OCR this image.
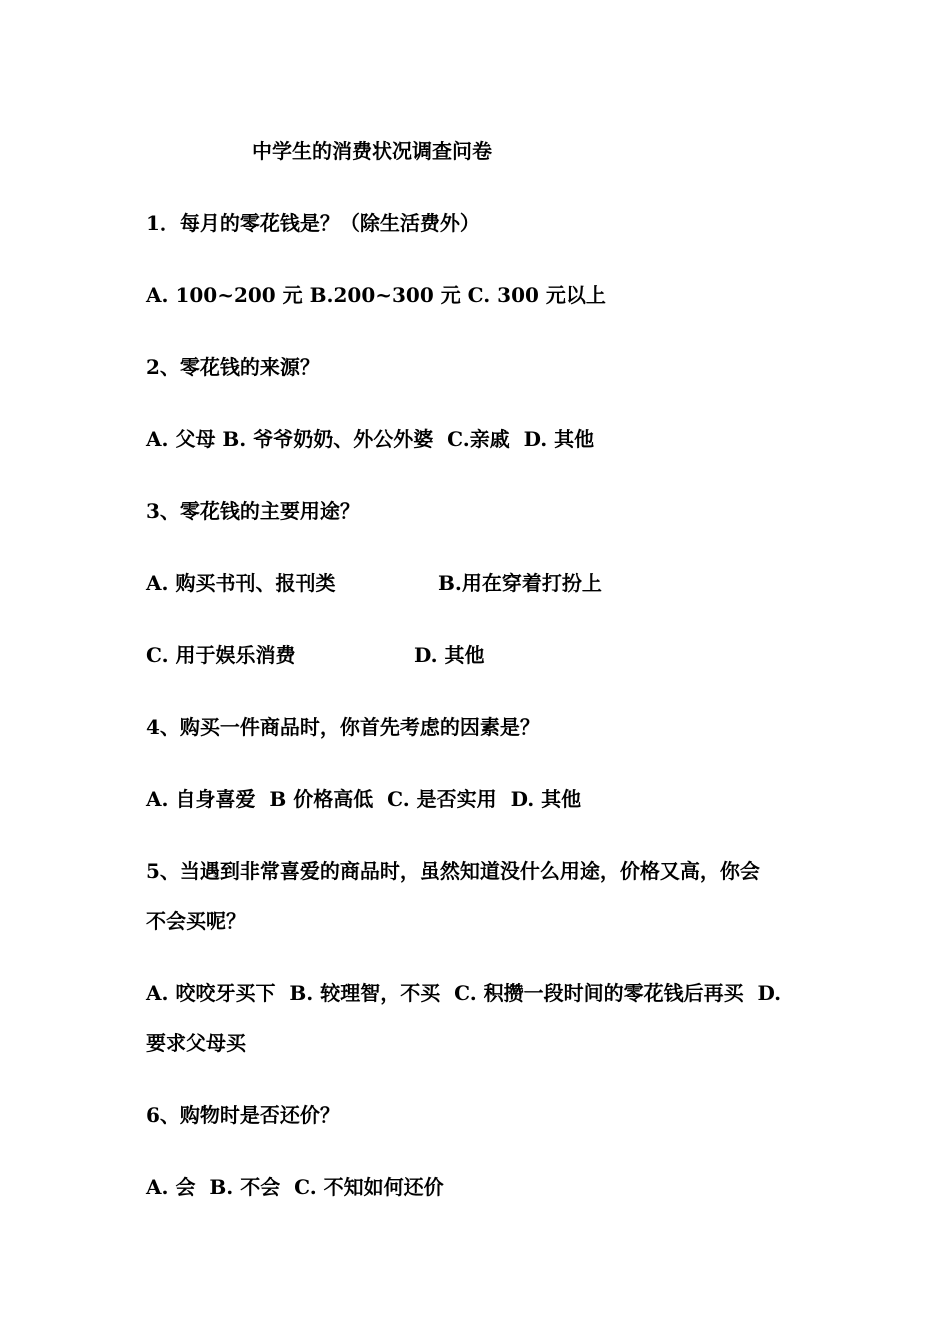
中学生的消费状况调查问卷
1．每月的零花钱是？（除生活费外）
A. 100~200 元 B.200~300 元 C. 300 元以上
2、零花钱的来源？
A. 父母 B. 爷爷奶奶、外公外婆  C.亲戚  D. 其他
3、零花钱的主要用途？
A. 购买书刊、报刊类	B.用在穿着打扮上
C. 用于娱乐消费	D. 其他
4、购买一件商品时，你首先考虑的因素是？
A. 自身喜爱  B 价格高低  C. 是否实用  D. 其他
5、当遇到非常喜爱的商品时，虽然知道没什么用途，价格又高，你会
不会买呢？
A. 咬咬牙买下  B. 较理智，不买  C. 积攒一段时间的零花钱后再买  D.
要求父母买
6、购物时是否还价？
A. 会  B. 不会  C. 不知如何还价
